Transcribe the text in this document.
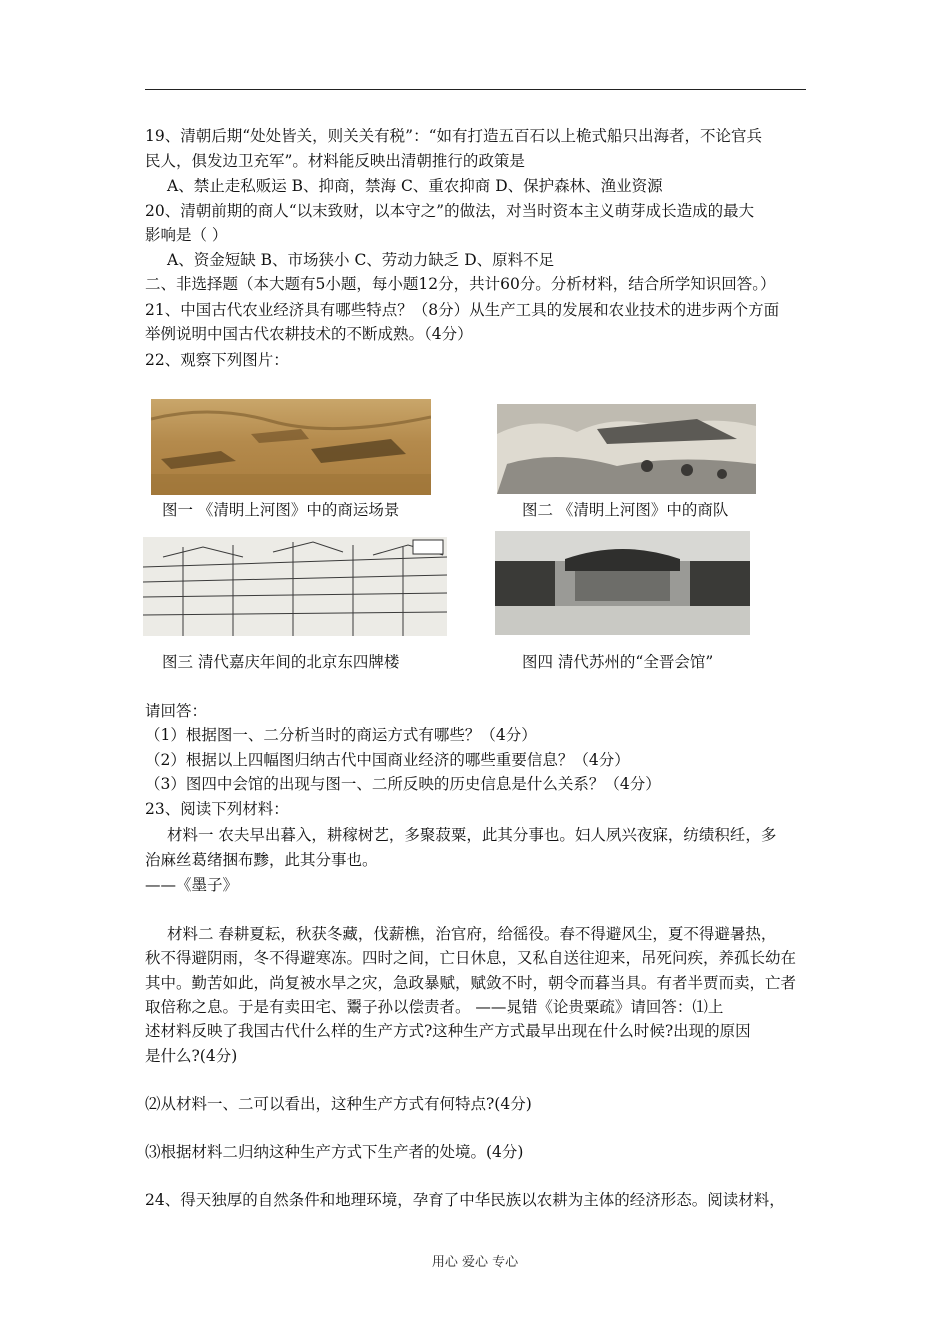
19、清朝后期“处处皆关，则关关有税”：“如有打造五百石以上桅式船只出海者，不论官兵
民人，俱发边卫充军”。材料能反映出清朝推行的政策是
A、禁止走私贩运 B、抑商，禁海 C、重农抑商 D、保护森林、渔业资源
20、清朝前期的商人“以末致财，以本守之”的做法，对当时资本主义萌芽成长造成的最大
影响是（ ）
A、资金短缺 B、市场狭小 C、劳动力缺乏 D、原料不足
二、非选择题（本大题有5小题，每小题12分，共计60分。分析材料，结合所学知识回答。）
21、中国古代农业经济具有哪些特点？（8分）从生产工具的发展和农业技术的进步两个方面
举例说明中国古代农耕技术的不断成熟。（4分）
22、观察下列图片：
图一 《清明上河图》中的商运场景	图二 《清明上河图》中的商队
图三 清代嘉庆年间的北京东四牌楼	图四 清代苏州的“全晋会馆”
请回答：
（1）根据图一、二分析当时的商运方式有哪些？（4分）
（2）根据以上四幅图归纳古代中国商业经济的哪些重要信息？（4分）
（3）图四中会馆的出现与图一、二所反映的历史信息是什么关系？（4分）
23、阅读下列材料：
材料一 农夫早出暮入，耕稼树艺，多聚菽粟，此其分事也。妇人夙兴夜寐，纺绩积纴，多
治麻丝葛绪捆布黪，此其分事也。
——《墨子》
材料二 春耕夏耘，秋获冬藏，伐薪樵，治官府，给徭役。春不得避风尘，夏不得避暑热，
秋不得避阴雨，冬不得避寒冻。四时之间，亡日休息，又私自送往迎来，吊死问疾，养孤长幼在
其中。勤苦如此，尚复被水旱之灾，急政暴赋，赋敛不时，朝令而暮当具。有者半贾而卖，亡者
取倍称之息。于是有卖田宅、鬻子孙以偿责者。 ——晁错《论贵粟疏》请回答：⑴上
述材料反映了我国古代什么样的生产方式?这种生产方式最早出现在什么时候?出现的原因
是什么?(4分)
⑵从材料一、二可以看出，这种生产方式有何特点?(4分)
⑶根据材料二归纳这种生产方式下生产者的处境。(4分)
24、得天独厚的自然条件和地理环境，孕育了中华民族以农耕为主体的经济形态。阅读材料，
用心 爱心 专心
